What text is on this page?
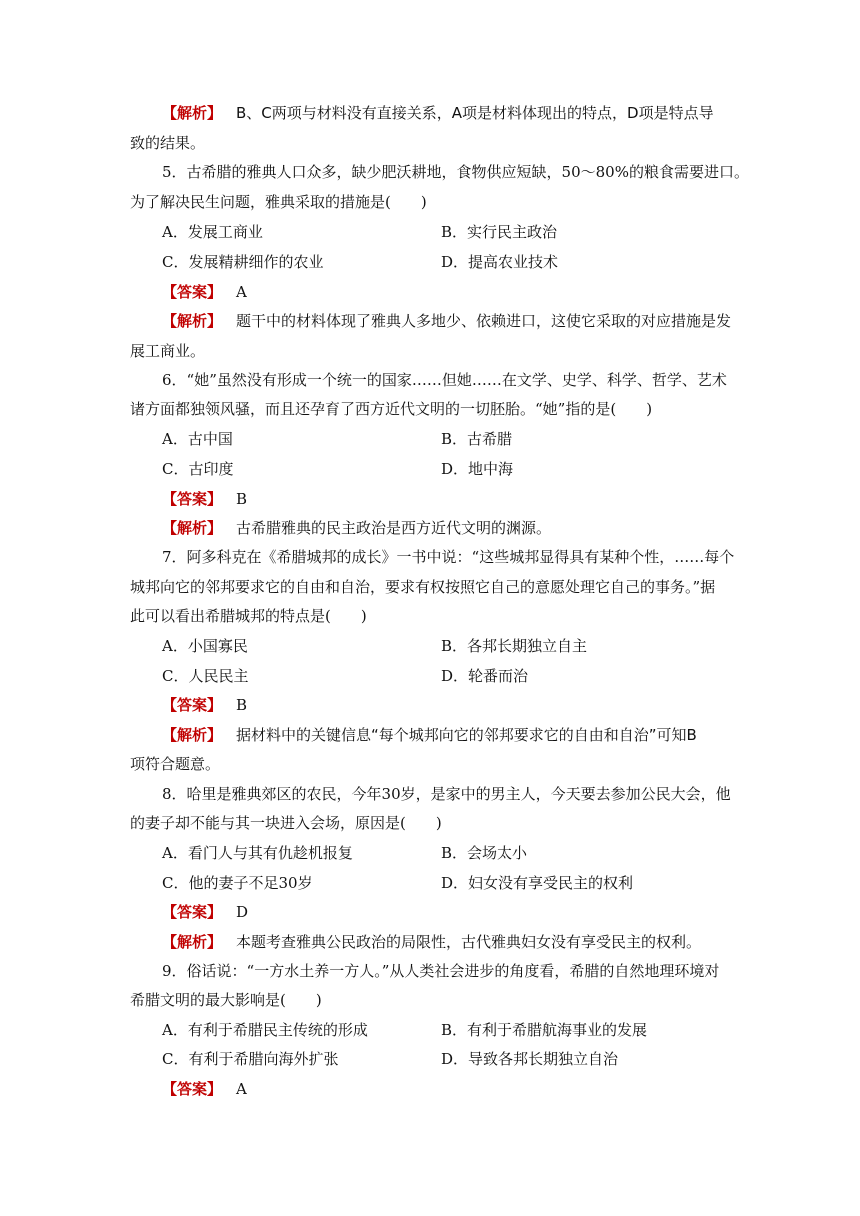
【解析】 B、C两项与材料没有直接关系，A项是材料体现出的特点，D项是特点导
致的结果。
5．古希腊的雅典人口众多，缺少肥沃耕地，食物供应短缺，50～80%的粮食需要进口。
为了解决民生问题，雅典采取的措施是(　　)
A．发展工商业	B．实行民主政治
C．发展精耕细作的农业	D．提高农业技术
【答案】 A
【解析】 题干中的材料体现了雅典人多地少、依赖进口，这使它采取的对应措施是发
展工商业。
6．“她”虽然没有形成一个统一的国家……但她……在文学、史学、科学、哲学、艺术
诸方面都独领风骚，而且还孕育了西方近代文明的一切胚胎。“她”指的是(　　)
A．古中国	B．古希腊
C．古印度	D．地中海
【答案】 B
【解析】 古希腊雅典的民主政治是西方近代文明的渊源。
7．阿多科克在《希腊城邦的成长》一书中说：“这些城邦显得具有某种个性，……每个
城邦向它的邻邦要求它的自由和自治，要求有权按照它自己的意愿处理它自己的事务。”据
此可以看出希腊城邦的特点是(　　)
A．小国寡民	B．各邦长期独立自主
C．人民民主	D．轮番而治
【答案】 B
【解析】 据材料中的关键信息“每个城邦向它的邻邦要求它的自由和自治”可知B
项符合题意。
8．哈里是雅典郊区的农民，今年30岁，是家中的男主人，今天要去参加公民大会，他
的妻子却不能与其一块进入会场，原因是(　　)
A．看门人与其有仇趁机报复	B．会场太小
C．他的妻子不足30岁	D．妇女没有享受民主的权利
【答案】 D
【解析】 本题考查雅典公民政治的局限性，古代雅典妇女没有享受民主的权利。
9．俗话说：“一方水土养一方人。”从人类社会进步的角度看，希腊的自然地理环境对
希腊文明的最大影响是(　　)
A．有利于希腊民主传统的形成	B．有利于希腊航海事业的发展
C．有利于希腊向海外扩张	D．导致各邦长期独立自治
【答案】 A
